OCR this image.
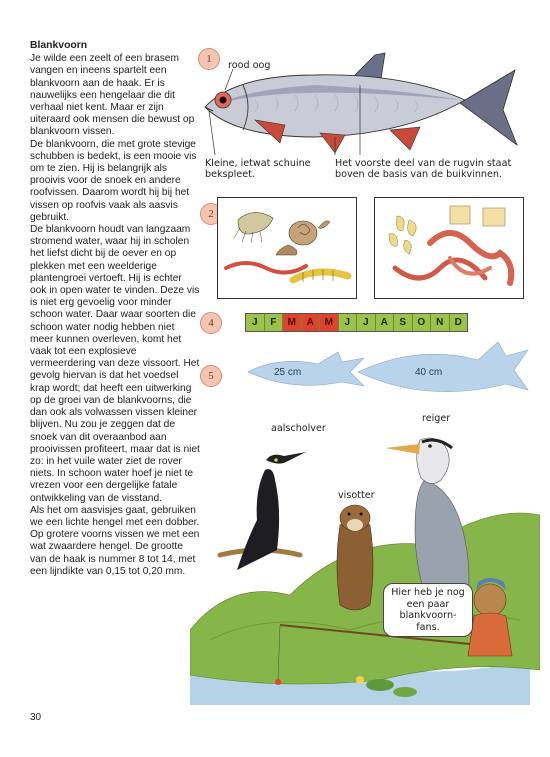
Blankvoorn

Je wilde een zeelt of een brasem vangen en ineens spartelt een blankvoorn aan de haak. Er is nauwelijks een hengelaar die dit verhaal niet kent. Maar er zijn uiteraard ook mensen die bewust op blankvoorn vissen.

De blankvoorn, die met grote stevige schubben is bedekt, is een mooie vis om te zien. Hij is belangrijk als prooivis voor de snoek en andere roofvissen. Daarom wordt hij bij het vissen op roofvis vaak als aasvis gebruikt.

De blankvoorn houdt van langzaam stromend water, waar hij in scholen het liefst dicht bij de oever en op plekken met een weelderige plantengroei vertoeft. Hij is echter ook in open water te vinden. Deze vis is niet erg gevoelig voor minder schoon water. Daar waar soorten die schoon water nodig hebben niet meer kunnen overleven, komt het vaak tot een explosieve vermeerdering van deze vissoort. Het gevolg hiervan is dat het voedsel krap wordt; dat heeft een uitwerking op de groei van de blankvoorns, die dan ook als volwassen vissen kleiner blijven. Nu zou je zeggen dat de snoek van dit overaanbod aan prooivissen profiteert, maar dat is niet zo: in het vuile water ziet de rover niets. In schoon water hoef je niet te vrezen voor een dergelijke fatale ontwikkeling van de visstand.

Als het om aasvisjes gaat, gebruiken we een lichte hengel met een dobber. Op grotere voorns vissen we met een wat zwaardere hengel. De grootte van de haak is nummer 8 tot 14, met een lijndikte van 0,15 tot 0,20 mm.

30
1
rood oog
Kleine, ietwat schuine bekspleet.
Het voorste deel van de rugvin staat boven de basis van de buikvinnen.
2
4	J	F	M	A	M	J	J	A	S	O	N	D
5	25 cm	40 cm
aalscholver
reiger
visotter
Hier heb je nog een paar blankvoorn-fans.
